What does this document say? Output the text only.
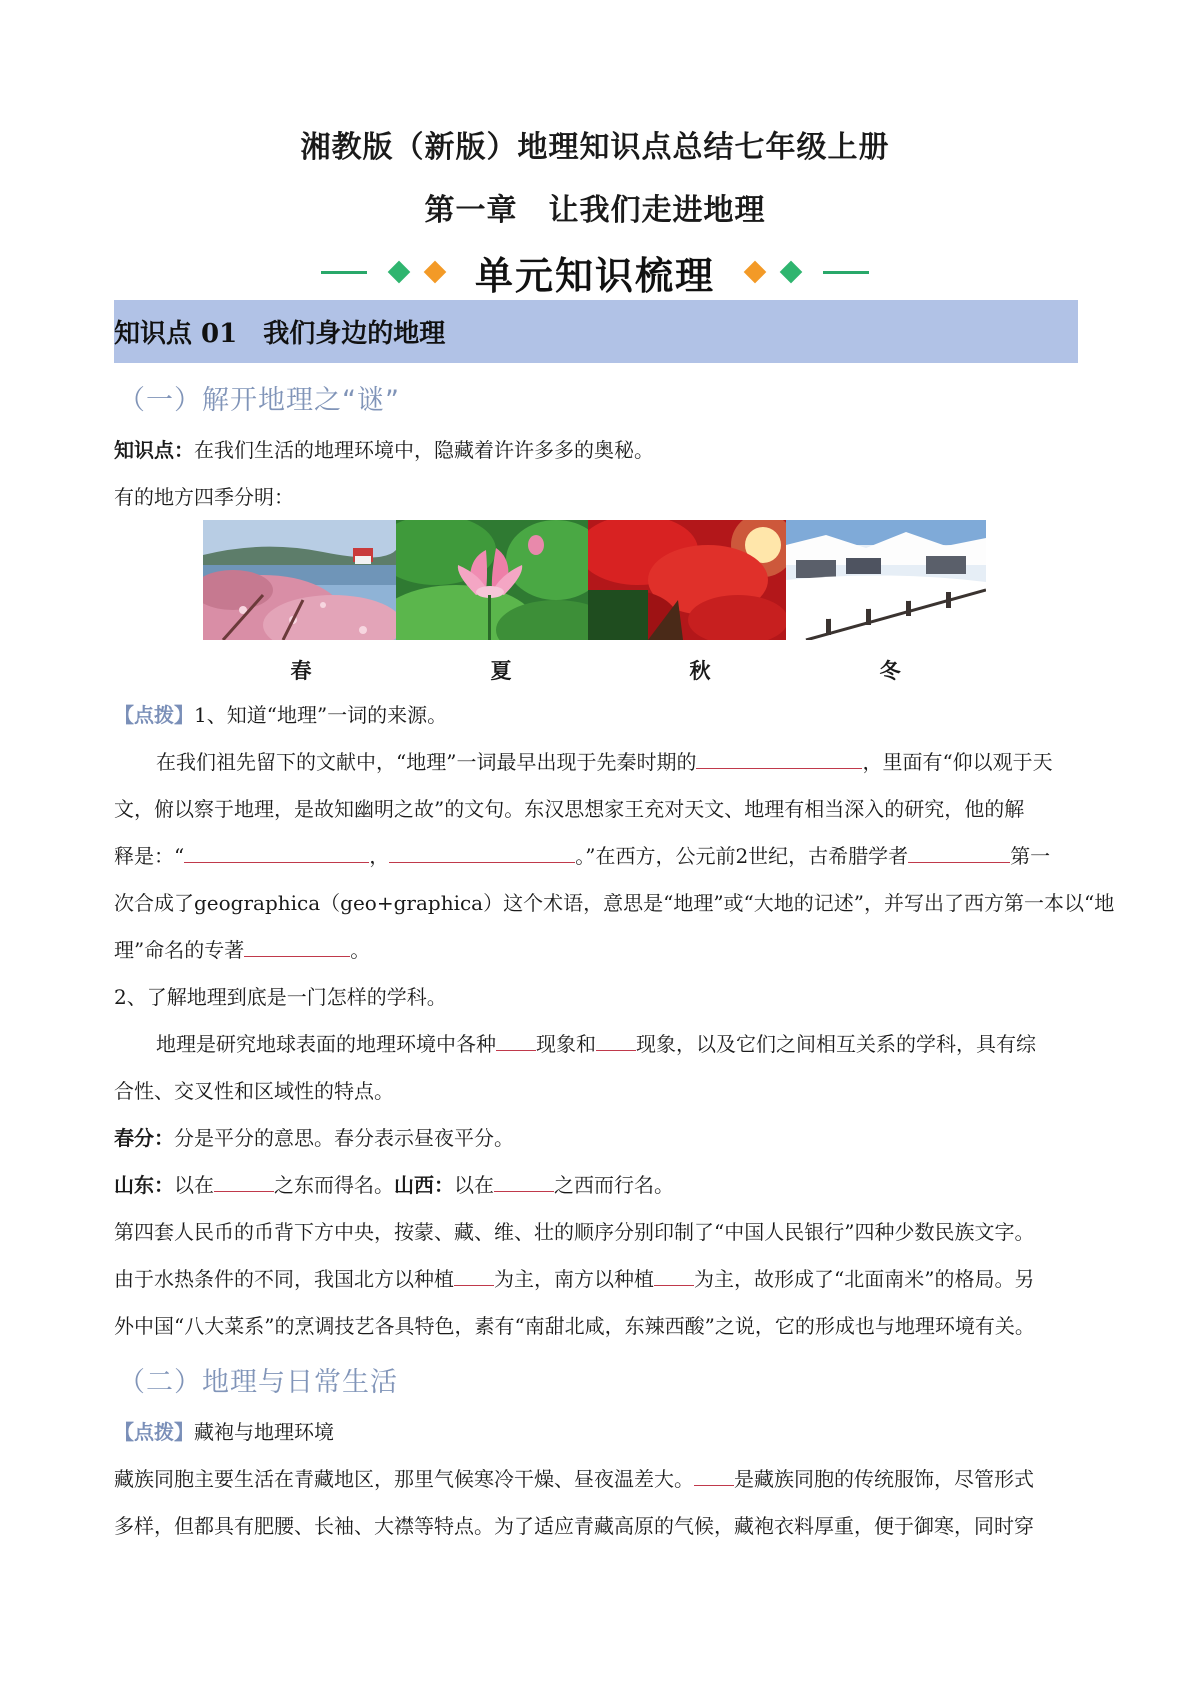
湘教版（新版）地理知识点总结七年级上册
第一章　让我们走进地理
单元知识梳理
知识点 01　我们身边的地理
（一）解开地理之“谜”
知识点：在我们生活的地理环境中，隐藏着许许多多的奥秘。
有的地方四季分明：
春	夏	秋	冬
【点拨】1、知道“地理”一词的来源。
在我们祖先留下的文献中，“地理”一词最早出现于先秦时期的	，里面有“仰以观于天
文，俯以察于地理，是故知幽明之故”的文句。东汉思想家王充对天文、地理有相当深入的研究，他的解
释是：“	，	。”在西方，公元前2世纪，古希腊学者	第一
次合成了geographica（geo+graphica）这个术语，意思是“地理”或“大地的记述”，并写出了西方第一本以“地
理”命名的专著	。
2、了解地理到底是一门怎样的学科。
地理是研究地球表面的地理环境中各种 现象和 现象，以及它们之间相互关系的学科，具有综
合性、交叉性和区域性的特点。
春分：分是平分的意思。春分表示昼夜平分。
山东：以在	之东而得名。山西：以在	之西而行名。
第四套人民币的币背下方中央，按蒙、藏、维、壮的顺序分别印制了“中国人民银行”四种少数民族文字。
由于水热条件的不同，我国北方以种植 为主，南方以种植 为主，故形成了“北面南米”的格局。另
外中国“八大菜系”的烹调技艺各具特色，素有“南甜北咸，东辣西酸”之说，它的形成也与地理环境有关。
（二）地理与日常生活
【点拨】藏袍与地理环境
藏族同胞主要生活在青藏地区，那里气候寒冷干燥、昼夜温差大。 是藏族同胞的传统服饰，尽管形式
多样，但都具有肥腰、长袖、大襟等特点。为了适应青藏高原的气候，藏袍衣料厚重，便于御寒，同时穿
